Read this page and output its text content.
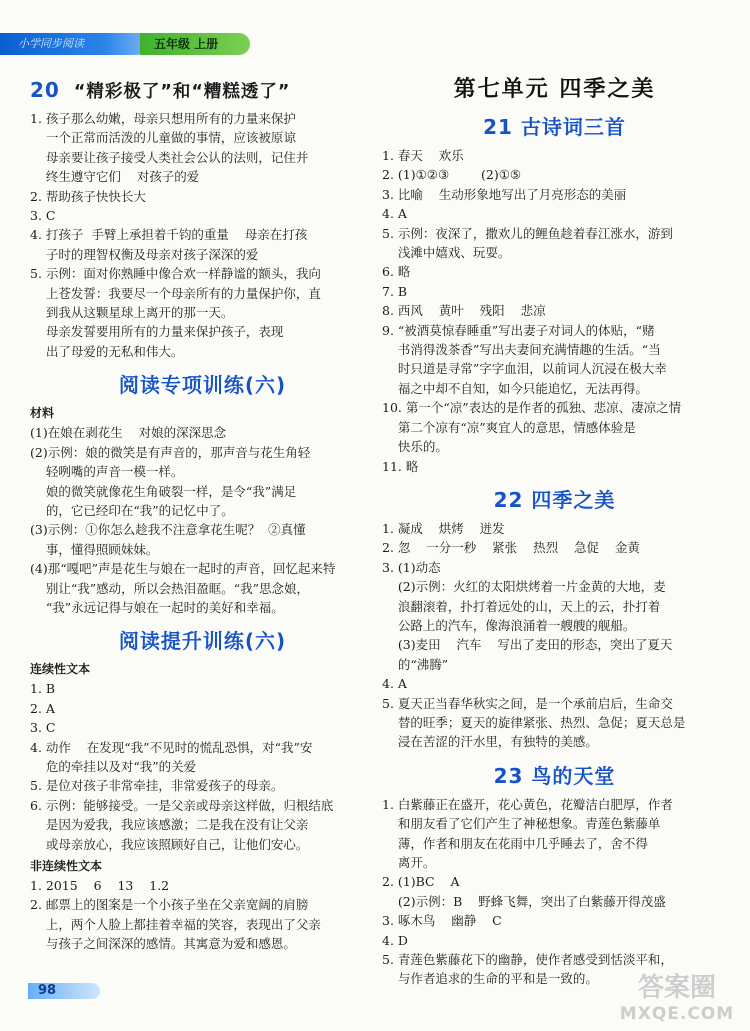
小学同步阅读	五年级 上册
20 “精彩极了”和“糟糕透了”
1. 孩子那么幼嫩，母亲只想用所有的力量来保护
一个正常而活泼的儿童做的事情，应该被原谅
母亲要让孩子接受人类社会公认的法则，记住并
终生遵守它们    对孩子的爱
2. 帮助孩子快快长大
3. C
4. 打孩子  手臂上承担着千钧的重量    母亲在打孩
子时的理智权衡及母亲对孩子深深的爱
5. 示例：面对你熟睡中像合欢一样静谧的额头，我向
上苍发誓：我要尽一个母亲所有的力量保护你，直
到我从这颗星球上离开的那一天。
母亲发誓要用所有的力量来保护孩子，表现
出了母爱的无私和伟大。
阅读专项训练(六)
材料
(1)在娘在剥花生    对娘的深深思念
(2)示例：娘的微笑是有声音的，那声音与花生角轻
轻咧嘴的声音一模一样。
娘的微笑就像花生角破裂一样，是令“我”满足
的，它已经印在“我”的记忆中了。
(3)示例：①你怎么趁我不注意拿花生呢？  ②真懂
事，懂得照顾妹妹。
(4)那“嘎吧”声是花生与娘在一起时的声音，回忆起来特
别让“我”感动，所以会热泪盈眶。“我”思念娘，
“我”永远记得与娘在一起时的美好和幸福。
阅读提升训练(六)
连续性文本
1. B
2. A
3. C
4. 动作    在发现“我”不见时的慌乱恐惧，对“我”安
危的牵挂以及对“我”的关爱
5. 是位对孩子非常牵挂，非常爱孩子的母亲。
6. 示例：能够接受。一是父亲或母亲这样做，归根结底
是因为爱我，我应该感激；二是我在没有让父亲
或母亲放心，我应该照顾好自己，让他们安心。
非连续性文本
1. 2015    6    13    1.2
2. 邮票上的图案是一个小孩子坐在父亲宽阔的肩膀
上，两个人脸上都挂着幸福的笑容，表现出了父亲
与孩子之间深深的感情。其寓意为爱和感恩。
第七单元 四季之美
21 古诗词三首
1. 春天    欢乐
2. (1)①②③        (2)①⑤
3. 比喻    生动形象地写出了月亮形态的美丽
4. A
5. 示例：夜深了，撒欢儿的鲤鱼趁着春江涨水，游到
浅滩中嬉戏、玩耍。
6. 略
7. B
8. 西风    黄叶    残阳    悲凉
9. “被酒莫惊春睡重”写出妻子对词人的体贴，“赌
书消得泼茶香”写出夫妻间充满情趣的生活。“当
时只道是寻常”字字血泪，以前词人沉浸在极大幸
福之中却不自知，如今只能追忆，无法再得。
10. 第一个“凉”表达的是作者的孤独、悲凉、凄凉之情
第二个凉有“凉”爽宜人的意思，情感体验是
快乐的。
11. 略
22 四季之美
1. 凝成    烘烤    迸发
2. 忽    一分一秒    紧张    热烈    急促    金黄
3. (1)动态
(2)示例：火红的太阳烘烤着一片金黄的大地，麦
浪翻滚着，扑打着远处的山，天上的云，扑打着
公路上的汽车，像海浪涌着一艘艘的舰船。
(3)麦田    汽车    写出了麦田的形态，突出了夏天
的“沸腾”
4. A
5. 夏天正当春华秋实之间，是一个承前启后，生命交
替的旺季；夏天的旋律紧张、热烈、急促；夏天总是
浸在苦涩的汗水里，有独特的美感。
23 鸟的天堂
1. 白紫藤正在盛开，花心黄色，花瓣洁白肥厚，作者
和朋友看了它们产生了神秘想象。青莲色紫藤单
薄，作者和朋友在花雨中几乎睡去了，舍不得
离开。
2. (1)BC    A
(2)示例：B    野蜂飞舞，突出了白紫藤开得茂盛
3. 啄木鸟    幽静    C
4. D
5. 青莲色紫藤花下的幽静，使作者感受到恬淡平和，
与作者追求的生命的平和是一致的。
98	答案圈
MXQE.COM
